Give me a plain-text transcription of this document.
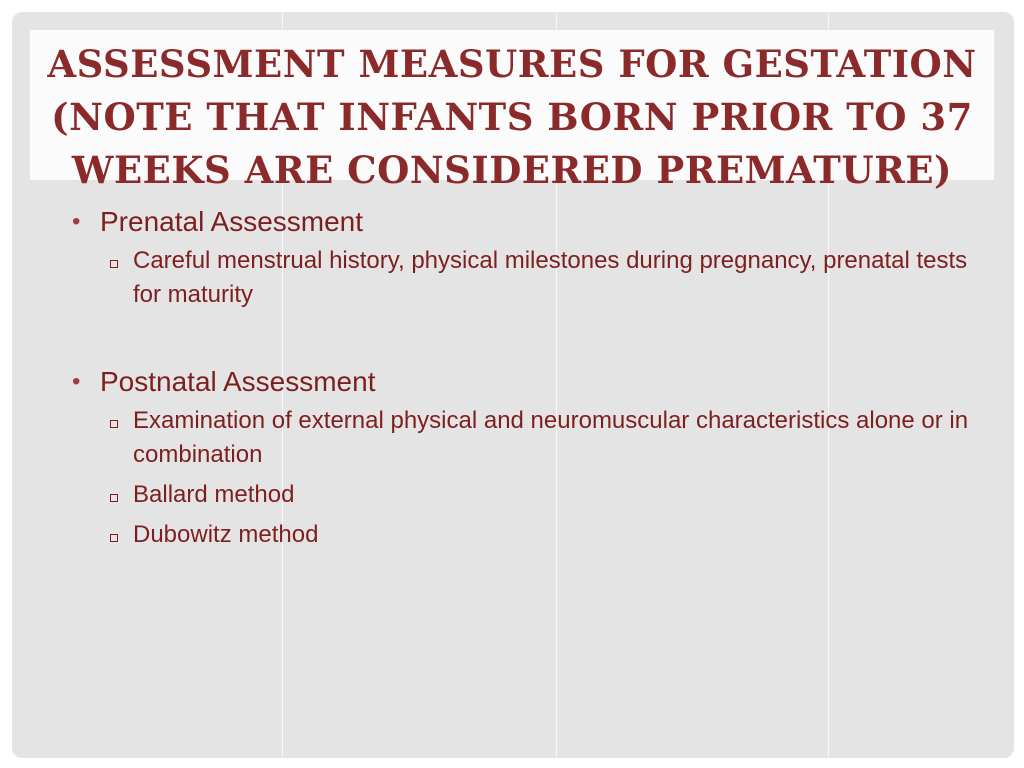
ASSESSMENT MEASURES FOR GESTATION
(NOTE THAT INFANTS BORN PRIOR TO 37
WEEKS ARE CONSIDERED PREMATURE)
• Prenatal Assessment
Careful menstrual history, physical milestones during pregnancy, prenatal tests for maturity
• Postnatal Assessment
Examination of external physical and neuromuscular characteristics alone or in combination
Ballard method
Dubowitz method
